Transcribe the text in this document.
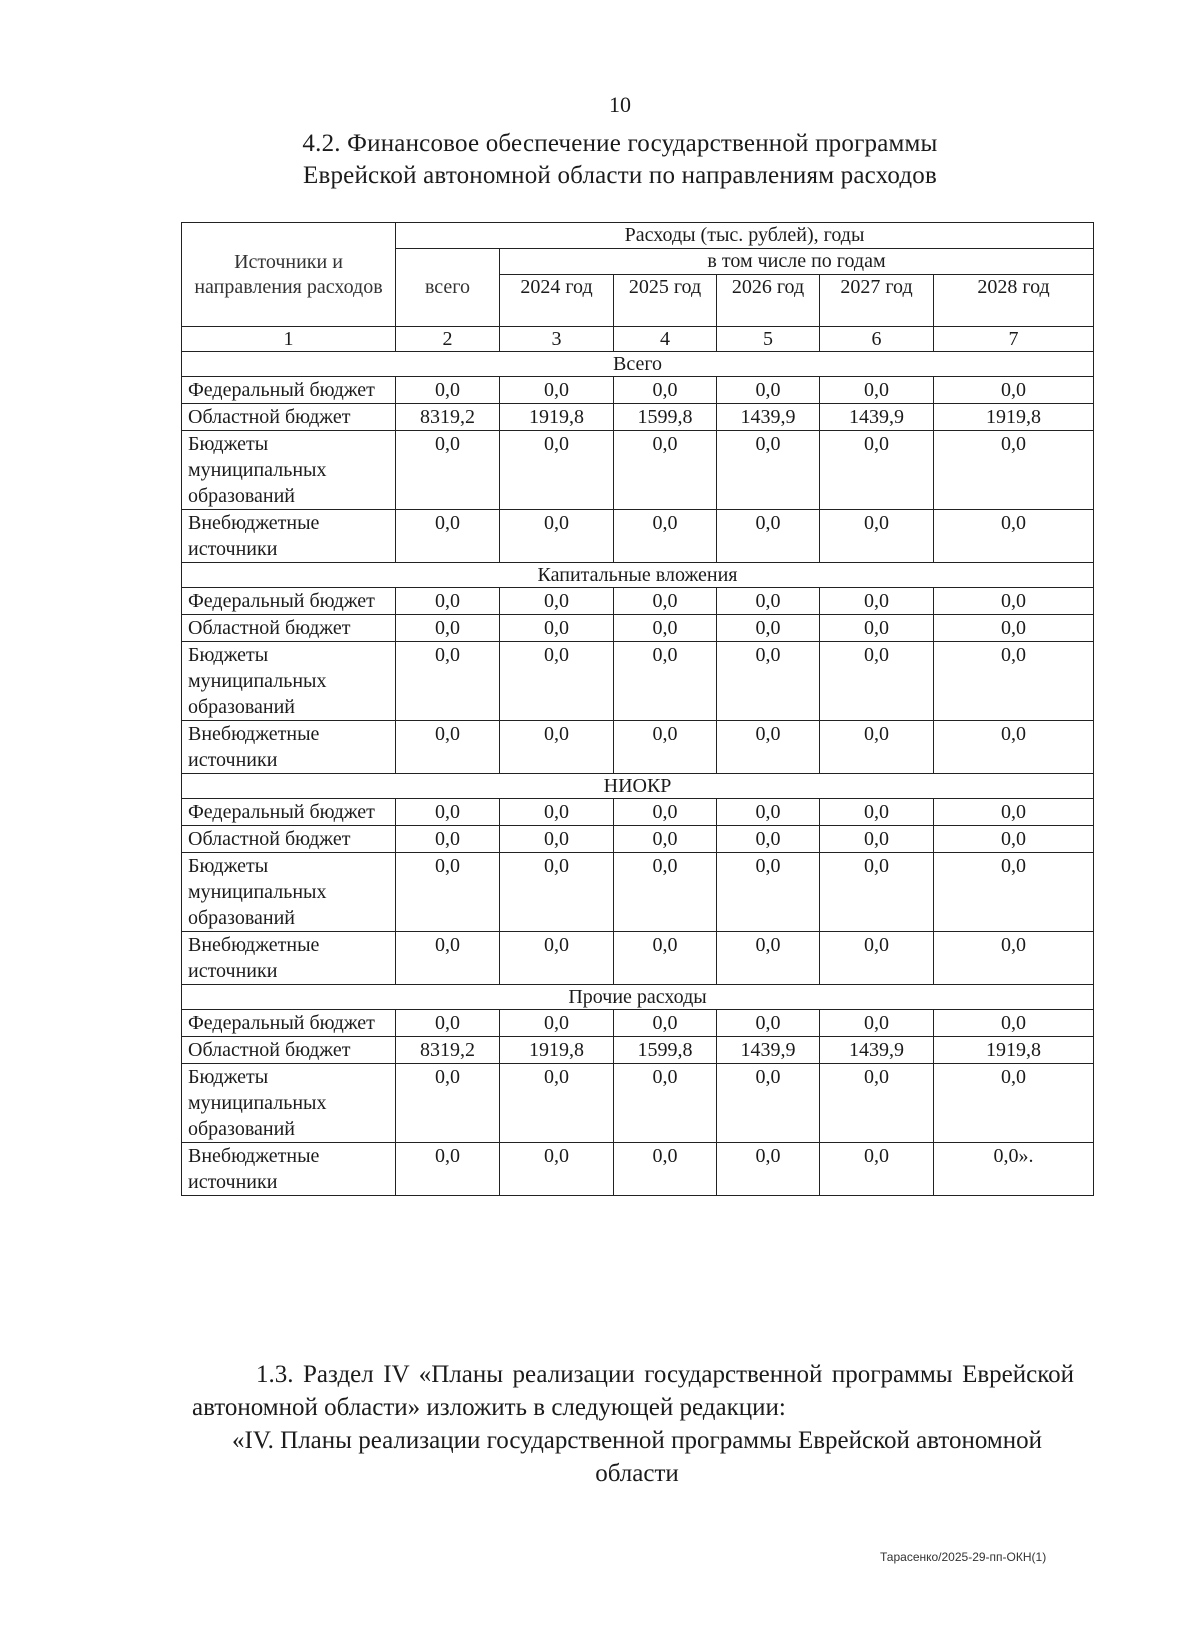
10
4.2. Финансовое обеспечение государственной программы
Еврейской автономной области по направлениям расходов
Источники и направления расходов	Расходы (тыс. рублей), годы					
	всего	в том числе по годам				
		2024 год	2025 год	2026 год	2027 год	2028 год
1	2	3	4	5	6	7
Всего						
Федеральный бюджет	0,0	0,0	0,0	0,0	0,0	0,0
Областной бюджет	8319,2	1919,8	1599,8	1439,9	1439,9	1919,8
Бюджеты муниципальных образований	0,0	0,0	0,0	0,0	0,0	0,0
Внебюджетные источники	0,0	0,0	0,0	0,0	0,0	0,0
Капитальные вложения						
Федеральный бюджет	0,0	0,0	0,0	0,0	0,0	0,0
Областной бюджет	0,0	0,0	0,0	0,0	0,0	0,0
Бюджеты муниципальных образований	0,0	0,0	0,0	0,0	0,0	0,0
Внебюджетные источники	0,0	0,0	0,0	0,0	0,0	0,0
НИОКР						
Федеральный бюджет	0,0	0,0	0,0	0,0	0,0	0,0
Областной бюджет	0,0	0,0	0,0	0,0	0,0	0,0
Бюджеты муниципальных образований	0,0	0,0	0,0	0,0	0,0	0,0
Внебюджетные источники	0,0	0,0	0,0	0,0	0,0	0,0
Прочие расходы						
Федеральный бюджет	0,0	0,0	0,0	0,0	0,0	0,0
Областной бюджет	8319,2	1919,8	1599,8	1439,9	1439,9	1919,8
Бюджеты муниципальных образований	0,0	0,0	0,0	0,0	0,0	0,0
Внебюджетные источники	0,0	0,0	0,0	0,0	0,0	0,0».
1.3. Раздел IV «Планы реализации государственной программы Еврейской автономной области» изложить в следующей редакции:
«IV. Планы реализации государственной программы Еврейской автономной области
Тарасенко/2025-29-пп-ОКН(1)
